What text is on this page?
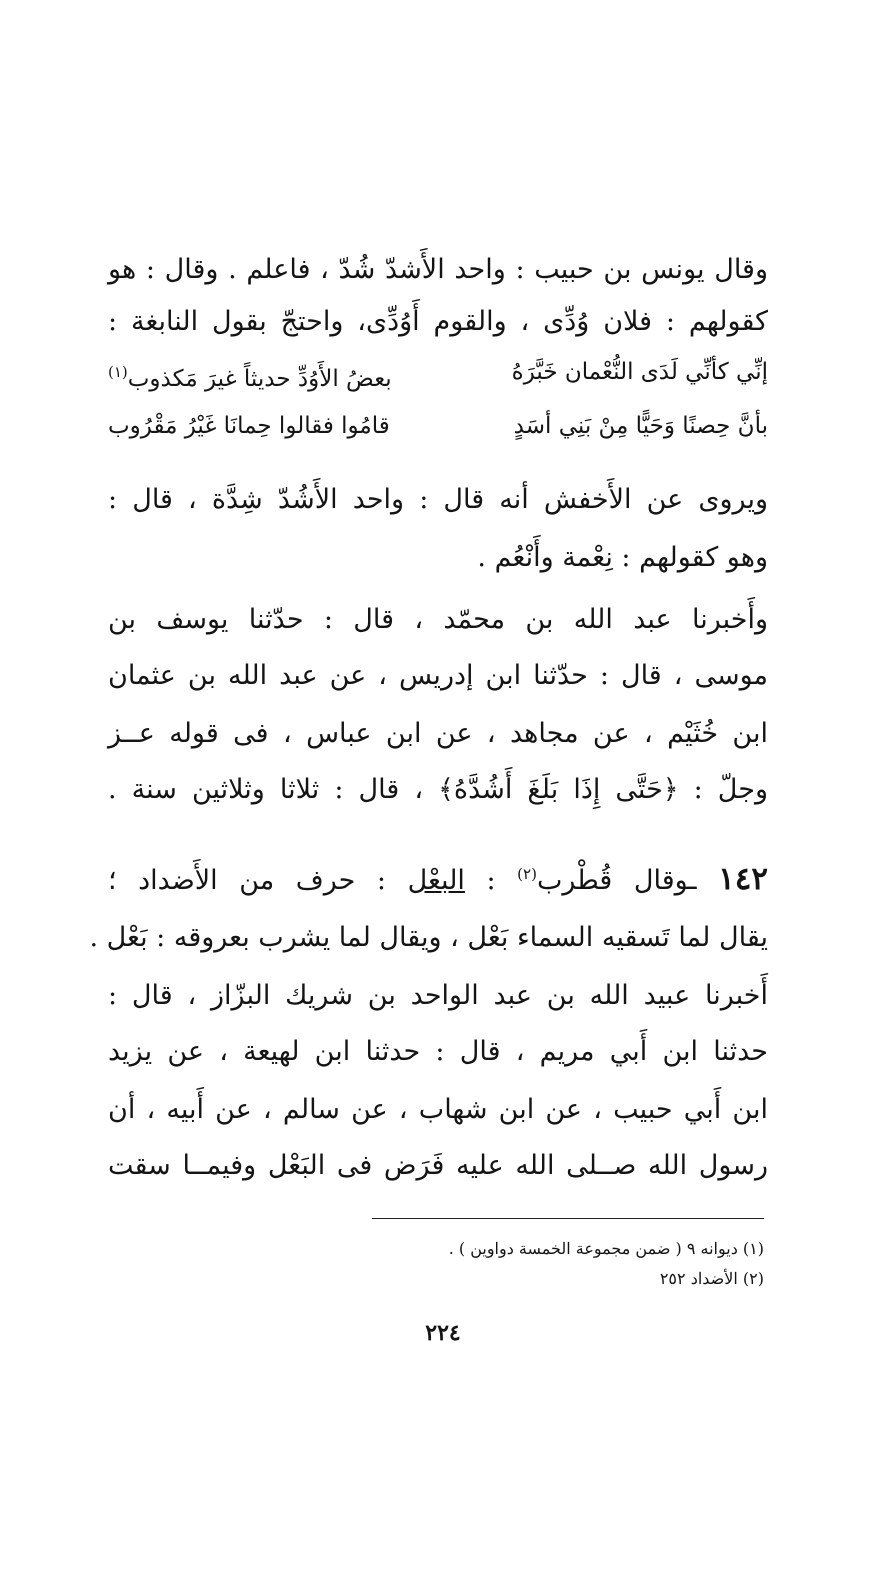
وقال يونس بن حبيب : واحد الأَشدّ شُدّ ، فاعلم . وقال : هو
كقولهم : فلان وُدِّى ، والقوم أَوُدِّى، واحتجّ بقول النابغة :
إنِّي كأنِّي لَدَى النُّعْمان خَبَّرَهُ
بعضُ الأَوُدِّ حديثاً غيرَ مَكذوب$^{(١)}$
بأنَّ حِصنًا وَحَيًّا مِنْ بَنِي أسَدٍ
قامُوا فقالوا حِمانَا غَيْرُ مَقْرُوب
ويروى عن الأَخفش أنه قال : واحد الأَشُدّ شِدَّة ، قال :
وهو كقولهم : نِعْمة وأَنْعُم .
وأَخبرنا عبد الله بن محمّد ، قال : حدّثنا يوسف بن
موسى ، قال : حدّثنا ابن إدريس ، عن عبد الله بن عثمان
ابن خُثَيْم ، عن مجاهد ، عن ابن عباس ، فى قوله عــز
وجلّ : ﴿حَتَّى إِذَا بَلَغَ أَشُدَّهُ﴾ ، قال : ثلاثا وثلاثين سنة .
١٤٢ ـوقال قُطْرب$^{(٢)}$ : البعْل : حرف من الأَضداد ؛
يقال لما تَسقيه السماء بَعْل ، ويقال لما يشرب بعروقه : بَعْل .
أَخبرنا عبيد الله بن عبد الواحد بن شريك البزّاز ، قال :
حدثنا ابن أَبي مريم ، قال : حدثنا ابن لهيعة ، عن يزيد
ابن أَبي حبيب ، عن ابن شهاب ، عن سالم ، عن أَبيه ، أن
رسول الله صــلى الله عليه فَرَض فى البَعْل وفيمــا سقت
(١) ديوانه ٩ ( ضمن مجموعة الخمسة دواوين ) .
(٢) الأضداد ٢٥٢
٢٢٤
